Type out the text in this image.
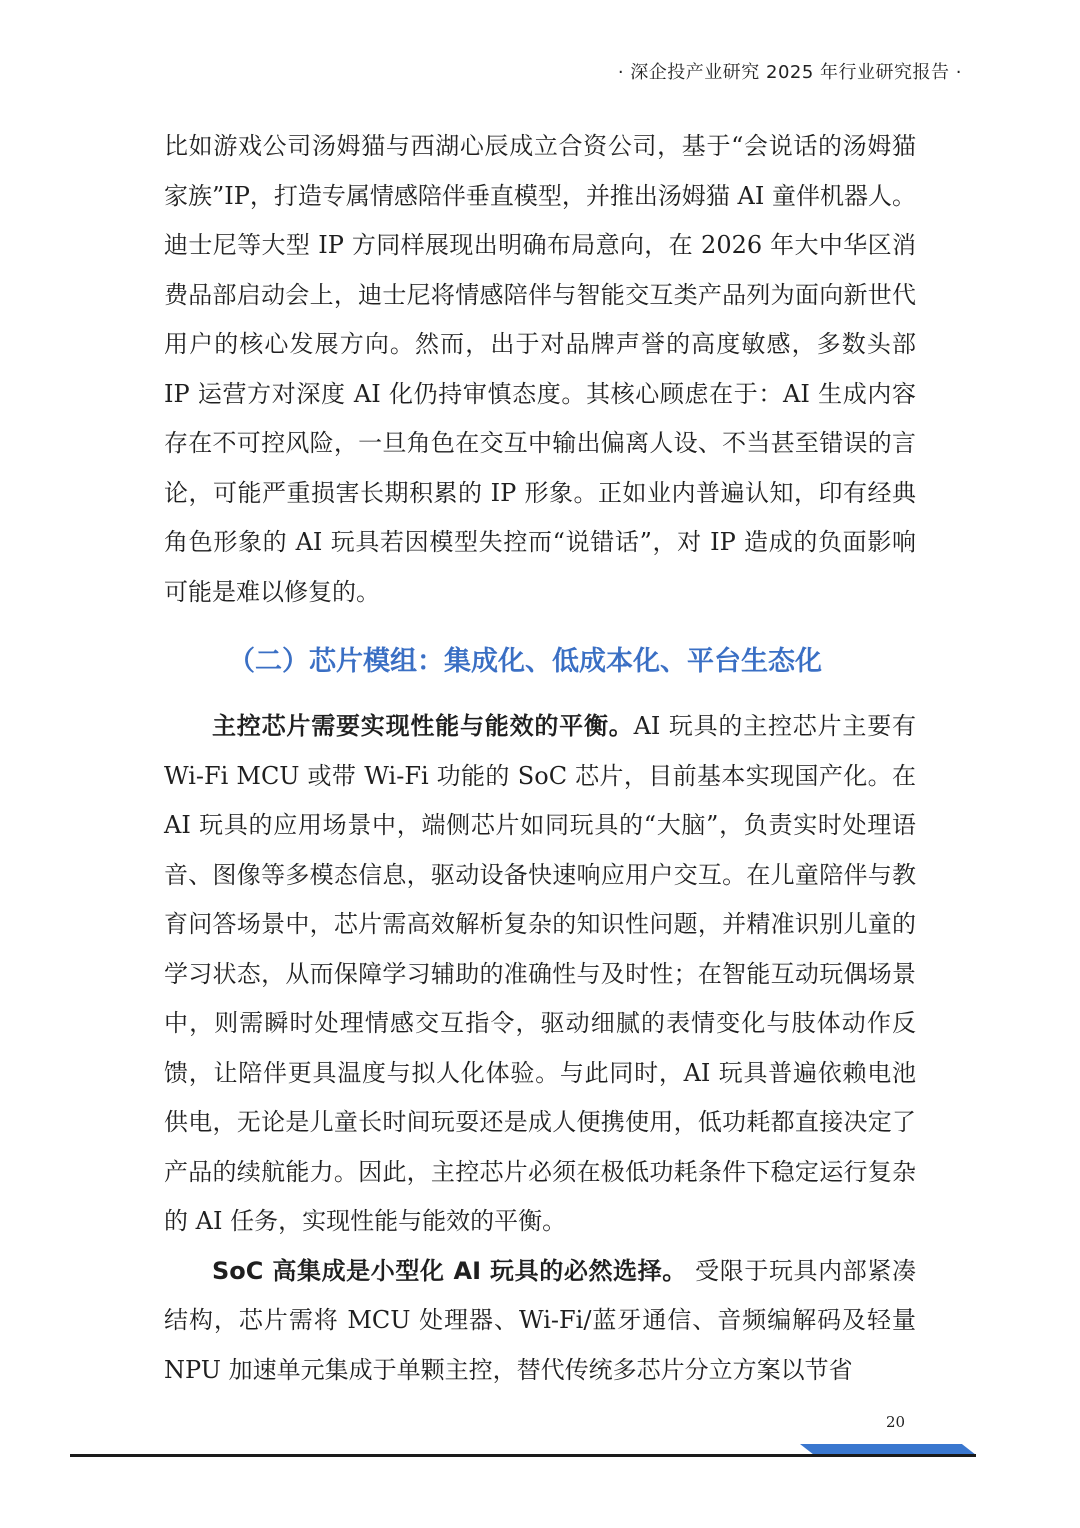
· 深企投产业研究 2025 年行业研究报告 ·

比如游戏公司汤姆猫与西湖心辰成立合资公司，基于“会说话的汤姆猫家族”IP，打造专属情感陪伴垂直模型，并推出汤姆猫 AI 童伴机器人。迪士尼等大型 IP 方同样展现出明确布局意向，在 2026 年大中华区消费品部启动会上，迪士尼将情感陪伴与智能交互类产品列为面向新世代用户的核心发展方向。然而，出于对品牌声誉的高度敏感，多数头部 IP 运营方对深度 AI 化仍持审慎态度。其核心顾虑在于：AI 生成内容存在不可控风险，一旦角色在交互中输出偏离人设、不当甚至错误的言论，可能严重损害长期积累的 IP 形象。正如业内普遍认知，印有经典角色形象的 AI 玩具若因模型失控而“说错话”，对 IP 造成的负面影响可能是难以修复的。

（二）芯片模组：集成化、低成本化、平台生态化

主控芯片需要实现性能与能效的平衡。AI 玩具的主控芯片主要有 Wi-Fi MCU 或带 Wi-Fi 功能的 SoC 芯片，目前基本实现国产化。在 AI 玩具的应用场景中，端侧芯片如同玩具的“大脑”，负责实时处理语音、图像等多模态信息，驱动设备快速响应用户交互。在儿童陪伴与教育问答场景中，芯片需高效解析复杂的知识性问题，并精准识别儿童的学习状态，从而保障学习辅助的准确性与及时性；在智能互动玩偶场景中，则需瞬时处理情感交互指令，驱动细腻的表情变化与肢体动作反馈，让陪伴更具温度与拟人化体验。与此同时，AI 玩具普遍依赖电池供电，无论是儿童长时间玩耍还是成人便携使用，低功耗都直接决定了产品的续航能力。因此，主控芯片必须在极低功耗条件下稳定运行复杂的 AI 任务，实现性能与能效的平衡。

SoC 高集成是小型化 AI 玩具的必然选择。 受限于玩具内部紧凑结构，芯片需将 MCU 处理器、Wi-Fi/蓝牙通信、音频编解码及轻量 NPU 加速单元集成于单颗主控，替代传统多芯片分立方案以节省

20
